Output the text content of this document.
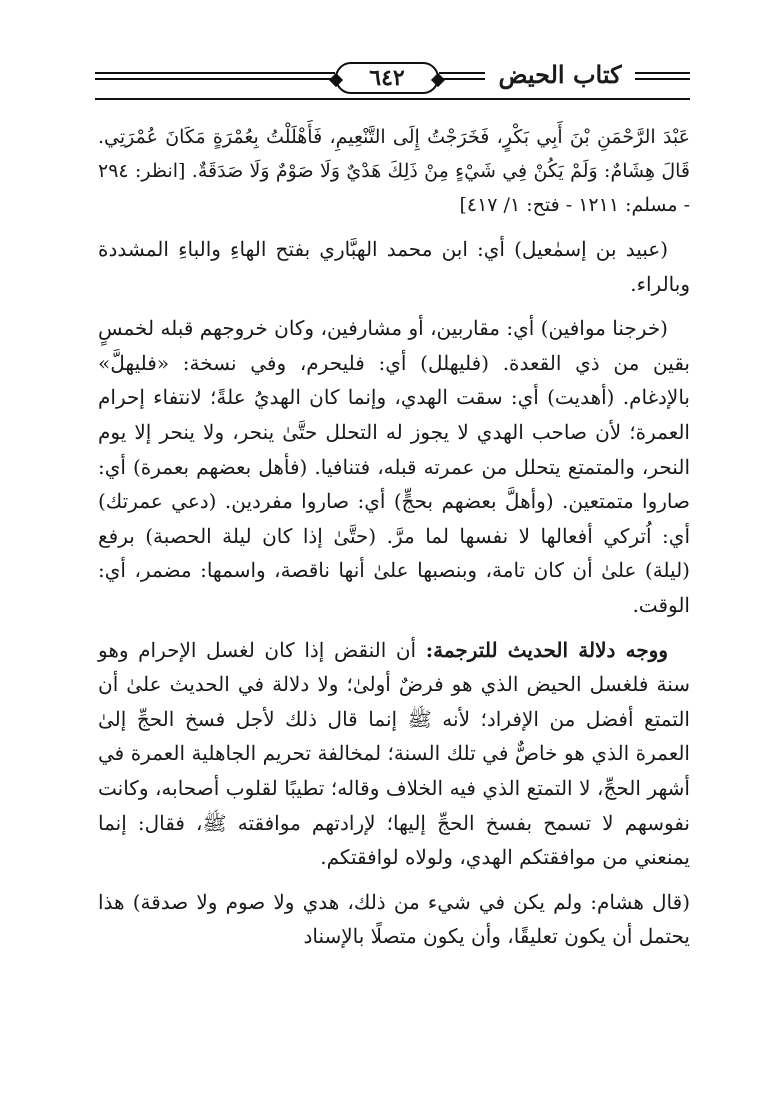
٦٤٢	كتاب الحيض

عَبْدَ الرَّحْمَنِ بْنَ أَبِي بَكْرٍ، فَخَرَجْتُ إِلَى التَّنْعِيمِ، فَأَهْلَلْتُ بِعُمْرَةٍ مَكَانَ عُمْرَتِي. قَالَ هِشَامٌ: وَلَمْ يَكُنْ فِي شَيْءٍ مِنْ ذَلِكَ هَدْيٌ وَلَا صَوْمٌ وَلَا صَدَقَةٌ. [انظر: ٢٩٤ - مسلم: ١٢١١ - فتح: ١/ ٤١٧]

(عبيد بن إسمٰعيل) أي: ابن محمد الهبَّاري بفتح الهاءِ والباءِ المشددة وبالراء.

(خرجنا موافين) أي: مقاربين، أو مشارفين، وكان خروجهم قبله لخمسٍ بقين من ذي القعدة. (فليهلل) أي: فليحرم، وفي نسخة: «فليهلَّ» بالإدغام. (أهديت) أي: سقت الهدي، وإنما كان الهديُ علةً؛ لانتفاء إحرام العمرة؛ لأن صاحب الهدي لا يجوز له التحلل حتَّىٰ ينحر، ولا ينحر إلا يوم النحر، والمتمتع يتحلل من عمرته قبله، فتنافيا. (فأهل بعضهم بعمرة) أي: صاروا متمتعين. (وأهلَّ بعضهم بحجٍّ) أي: صاروا مفردين. (دعي عمرتك) أي: اُتركي أفعالها لا نفسها لما مرَّ. (حتَّىٰ إذا كان ليلة الحصبة) برفع (ليلة) علىٰ أن كان تامة، وبنصبها علىٰ أنها ناقصة، واسمها: مضمر، أي: الوقت.

ووجه دلالة الحديث للترجمة: أن النقض إذا كان لغسل الإحرام وهو سنة فلغسل الحيض الذي هو فرضٌ أولىٰ؛ ولا دلالة في الحديث علىٰ أن التمتع أفضل من الإفراد؛ لأنه ﷺ إنما قال ذلك لأجل فسخ الحجِّ إلىٰ العمرة الذي هو خاصٌّ في تلك السنة؛ لمخالفة تحريم الجاهلية العمرة في أشهر الحجِّ، لا التمتع الذي فيه الخلاف وقاله؛ تطيبًا لقلوب أصحابه، وكانت نفوسهم لا تسمح بفسخ الحجِّ إليها؛ لإرادتهم موافقته ﷺ، فقال: إنما يمنعني من موافقتكم الهدي، ولولاه لوافقتكم.

(قال هشام: ولم يكن في شيء من ذلك، هدي ولا صوم ولا صدقة) هذا يحتمل أن يكون تعليقًا، وأن يكون متصلًا بالإسناد
